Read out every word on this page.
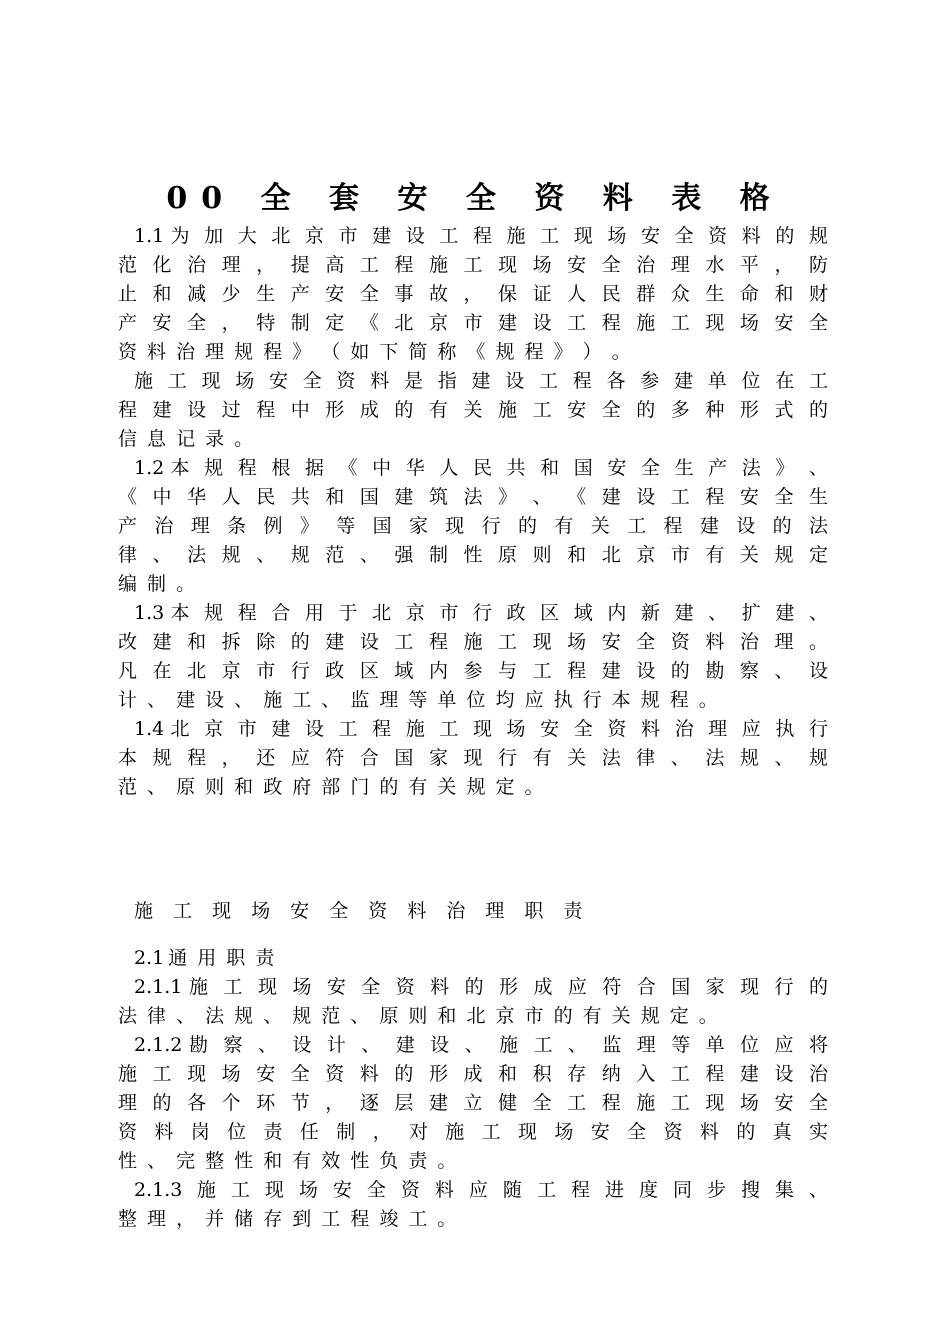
00 全 套 安 全 资 料 表 格
1.1 为 加 大 北 京 市 建 设 工 程 施 工 现 场 安 全 资 料 的 规
范 化 治 理 ， 提 高 工 程 施 工 现 场 安 全 治 理 水 平 ， 防
止 和 减 少 生 产 安 全 事 故 ， 保 证 人 民 群 众 生 命 和 财
产 安 全 ， 特 制 定 《 北 京 市 建 设 工 程 施 工 现 场 安 全
资 料 治 理 规 程 》 （ 如 下 简 称 《 规 程 》 ） 。
施 工 现 场 安 全 资 料 是 指 建 设 工 程 各 参 建 单 位 在 工
程 建 设 过 程 中 形 成 的 有 关 施 工 安 全 的 多 种 形 式 的
信 息 记 录 。
1.2 本 规 程 根 据 《 中 华 人 民 共 和 国 安 全 生 产 法 》 、
《 中 华 人 民 共 和 国 建 筑 法 》 、 《 建 设 工 程 安 全 生
产 治 理 条 例 》 等 国 家 现 行 的 有 关 工 程 建 设 的 法
律 、 法 规 、 规 范 、 强 制 性 原 则 和 北 京 市 有 关 规 定
编 制 。
1.3 本 规 程 合 用 于 北 京 市 行 政 区 域 内 新 建 、 扩 建 、
改 建 和 拆 除 的 建 设 工 程 施 工 现 场 安 全 资 料 治 理 。
凡 在 北 京 市 行 政 区 域 内 参 与 工 程 建 设 的 勘 察 、 设
计 、 建 设 、 施 工 、 监 理 等 单 位 均 应 执 行 本 规 程 。
1.4 北 京 市 建 设 工 程 施 工 现 场 安 全 资 料 治 理 应 执 行
本 规 程 ， 还 应 符 合 国 家 现 行 有 关 法 律 、 法 规 、 规
范 、 原 则 和 政 府 部 门 的 有 关 规 定 。
施 工 现 场 安 全 资 料 治 理 职 责
2.1 通 用 职 责
2.1.1 施 工 现 场 安 全 资 料 的 形 成 应 符 合 国 家 现 行 的
法 律 、 法 规 、 规 范 、 原 则 和 北 京 市 的 有 关 规 定 。
2.1.2 勘 察 、 设 计 、 建 设 、 施 工 、 监 理 等 单 位 应 将
施 工 现 场 安 全 资 料 的 形 成 和 积 存 纳 入 工 程 建 设 治
理 的 各 个 环 节 ， 逐 层 建 立 健 全 工 程 施 工 现 场 安 全
资 料 岗 位 责 任 制 ， 对 施 工 现 场 安 全 资 料 的 真 实
性 、 完 整 性 和 有 效 性 负 责 。
2.1.3 施 工 现 场 安 全 资 料 应 随 工 程 进 度 同 步 搜 集 、
整 理 ， 并 储 存 到 工 程 竣 工 。
